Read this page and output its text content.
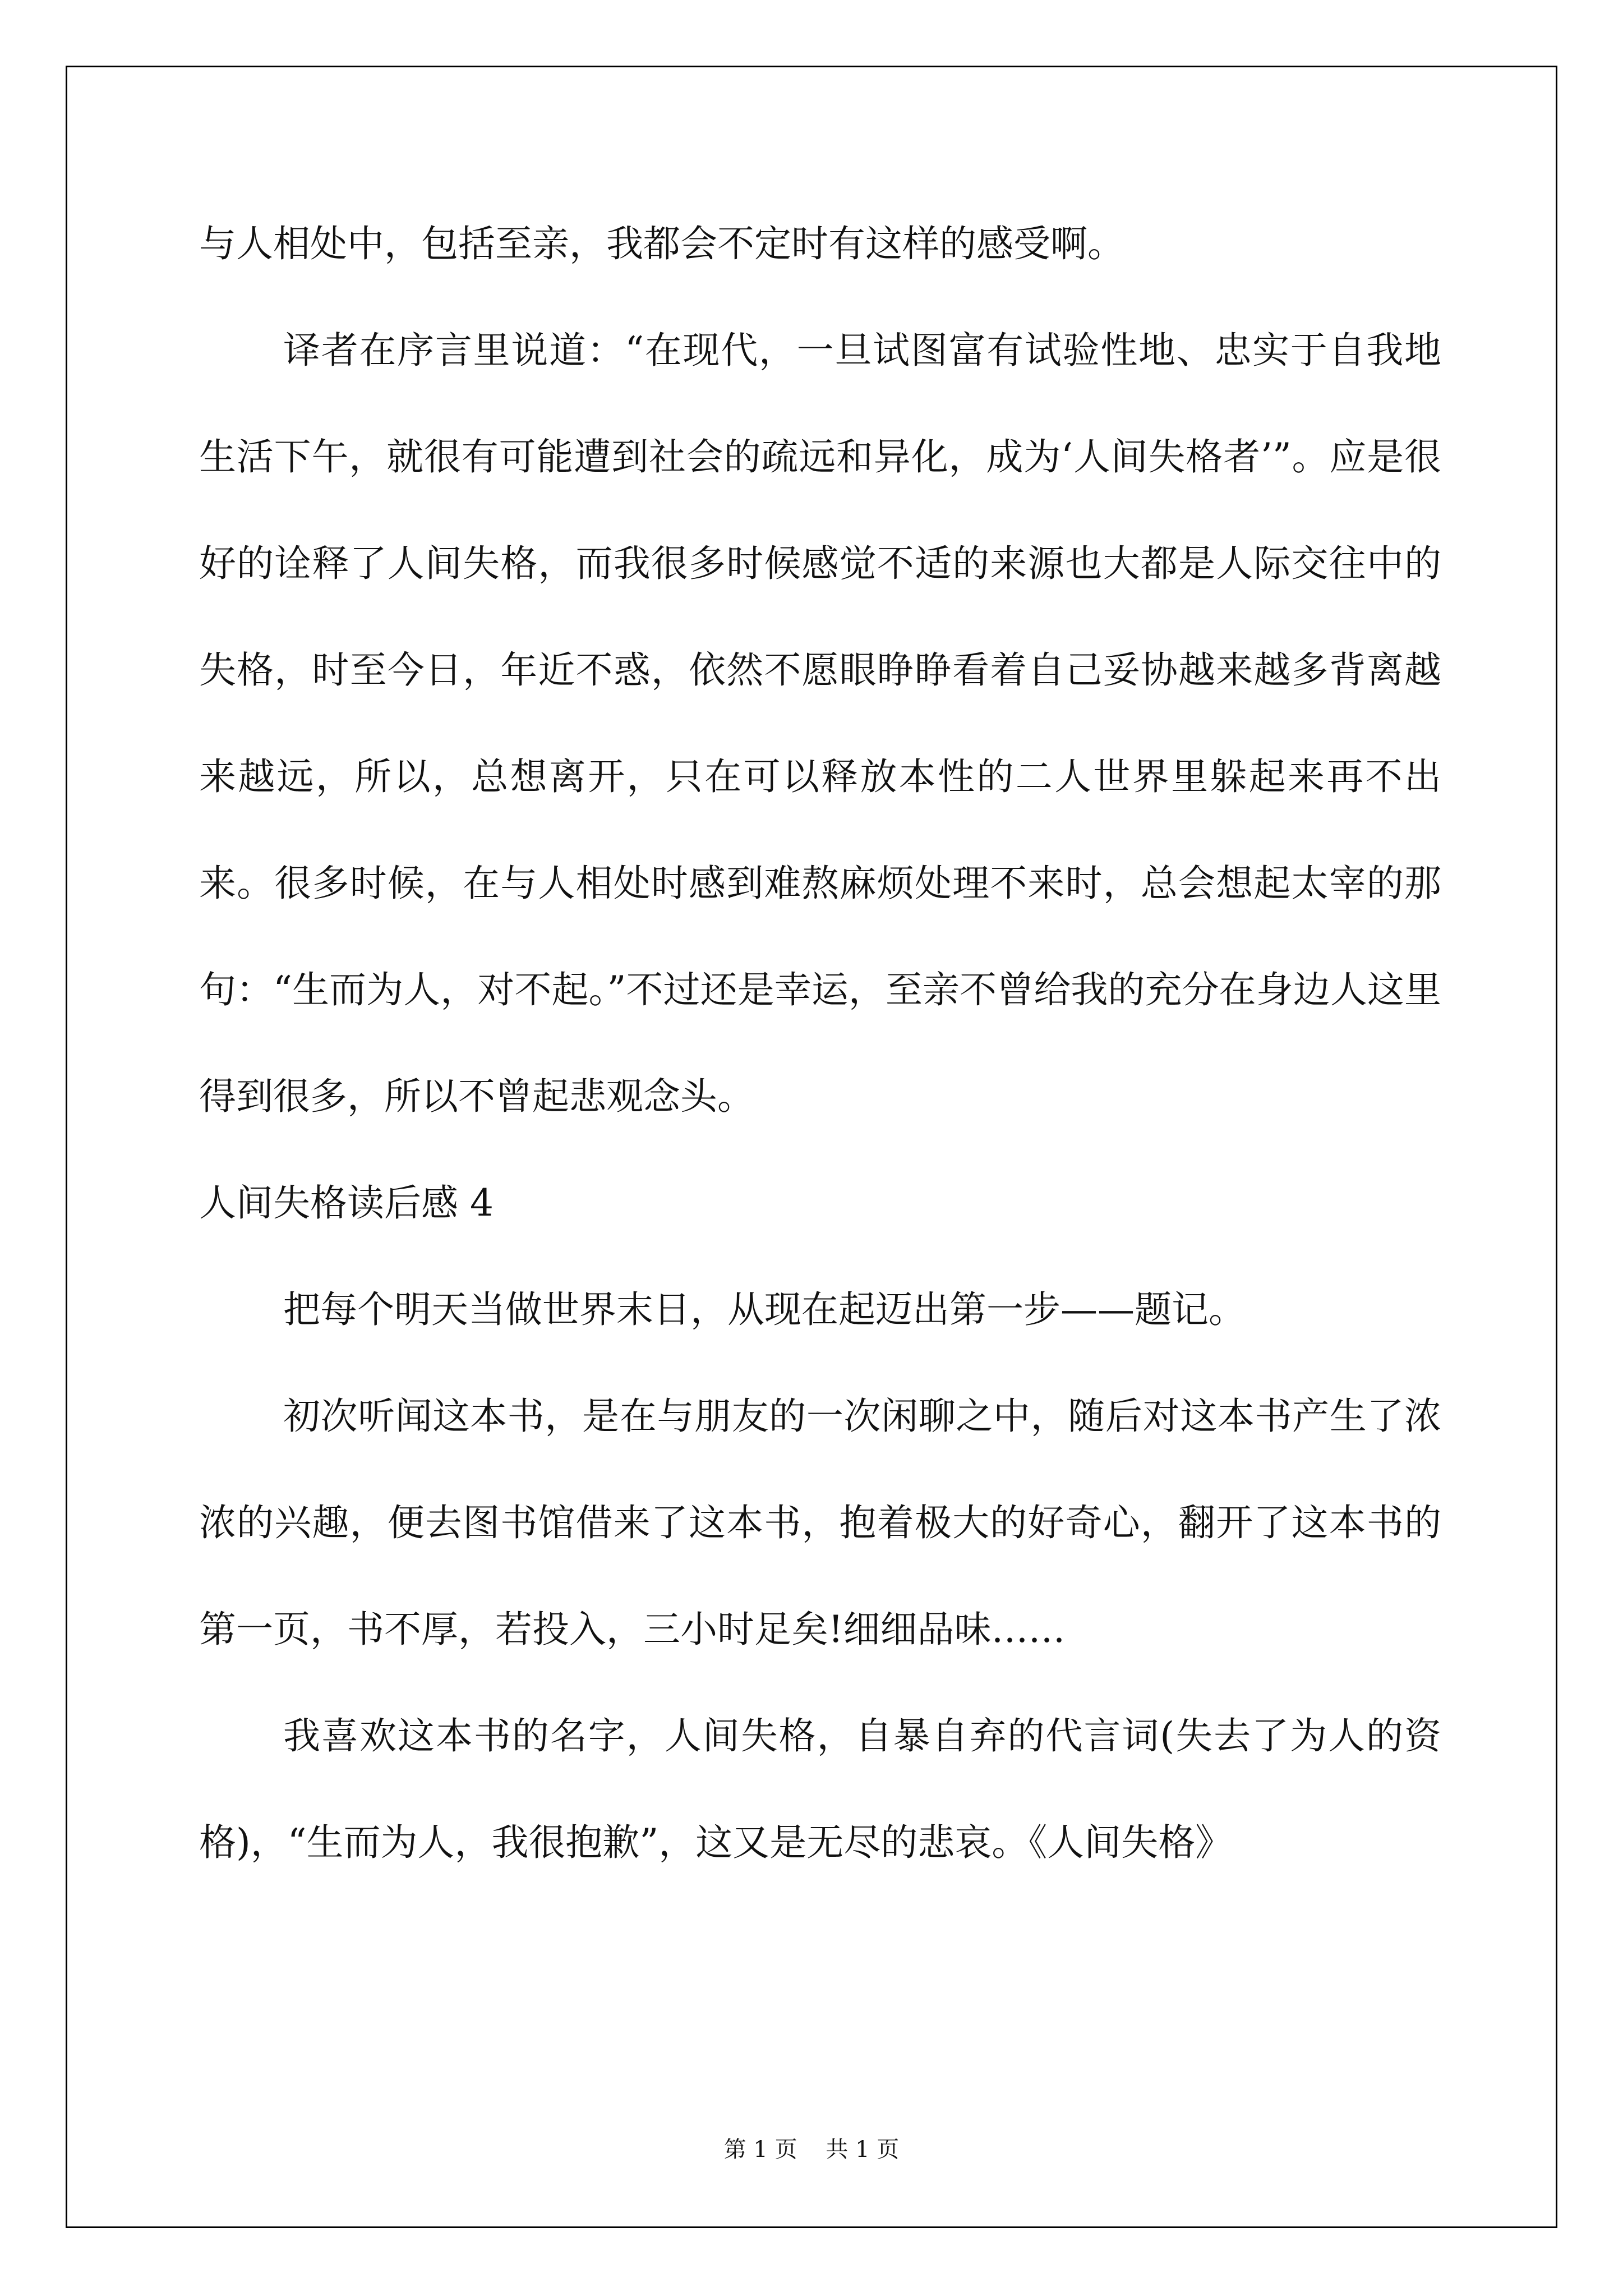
与人相处中，包括至亲，我都会不定时有这样的感受啊。

译者在序言里说道：“在现代，一旦试图富有试验性地、忠实于自我地生活下午，就很有可能遭到社会的疏远和异化，成为‘人间失格者’”。应是很好的诠释了人间失格，而我很多时候感觉不适的来源也大都是人际交往中的失格，时至今日，年近不惑，依然不愿眼睁睁看着自己妥协越来越多背离越来越远，所以，总想离开，只在可以释放本性的二人世界里躲起来再不出来。很多时候，在与人相处时感到难熬麻烦处理不来时，总会想起太宰的那句：“生而为人，对不起。”不过还是幸运，至亲不曾给我的充分在身边人这里得到很多，所以不曾起悲观念头。

人间失格读后感 4

把每个明天当做世界末日，从现在起迈出第一步——题记。

初次听闻这本书，是在与朋友的一次闲聊之中，随后对这本书产生了浓浓的兴趣，便去图书馆借来了这本书，抱着极大的好奇心，翻开了这本书的第一页，书不厚，若投入，三小时足矣!细细品味……

我喜欢这本书的名字，人间失格，自暴自弃的代言词(失去了为人的资格)，“生而为人，我很抱歉”，这又是无尽的悲哀。《人间失格》

第 1 页    共 1 页
